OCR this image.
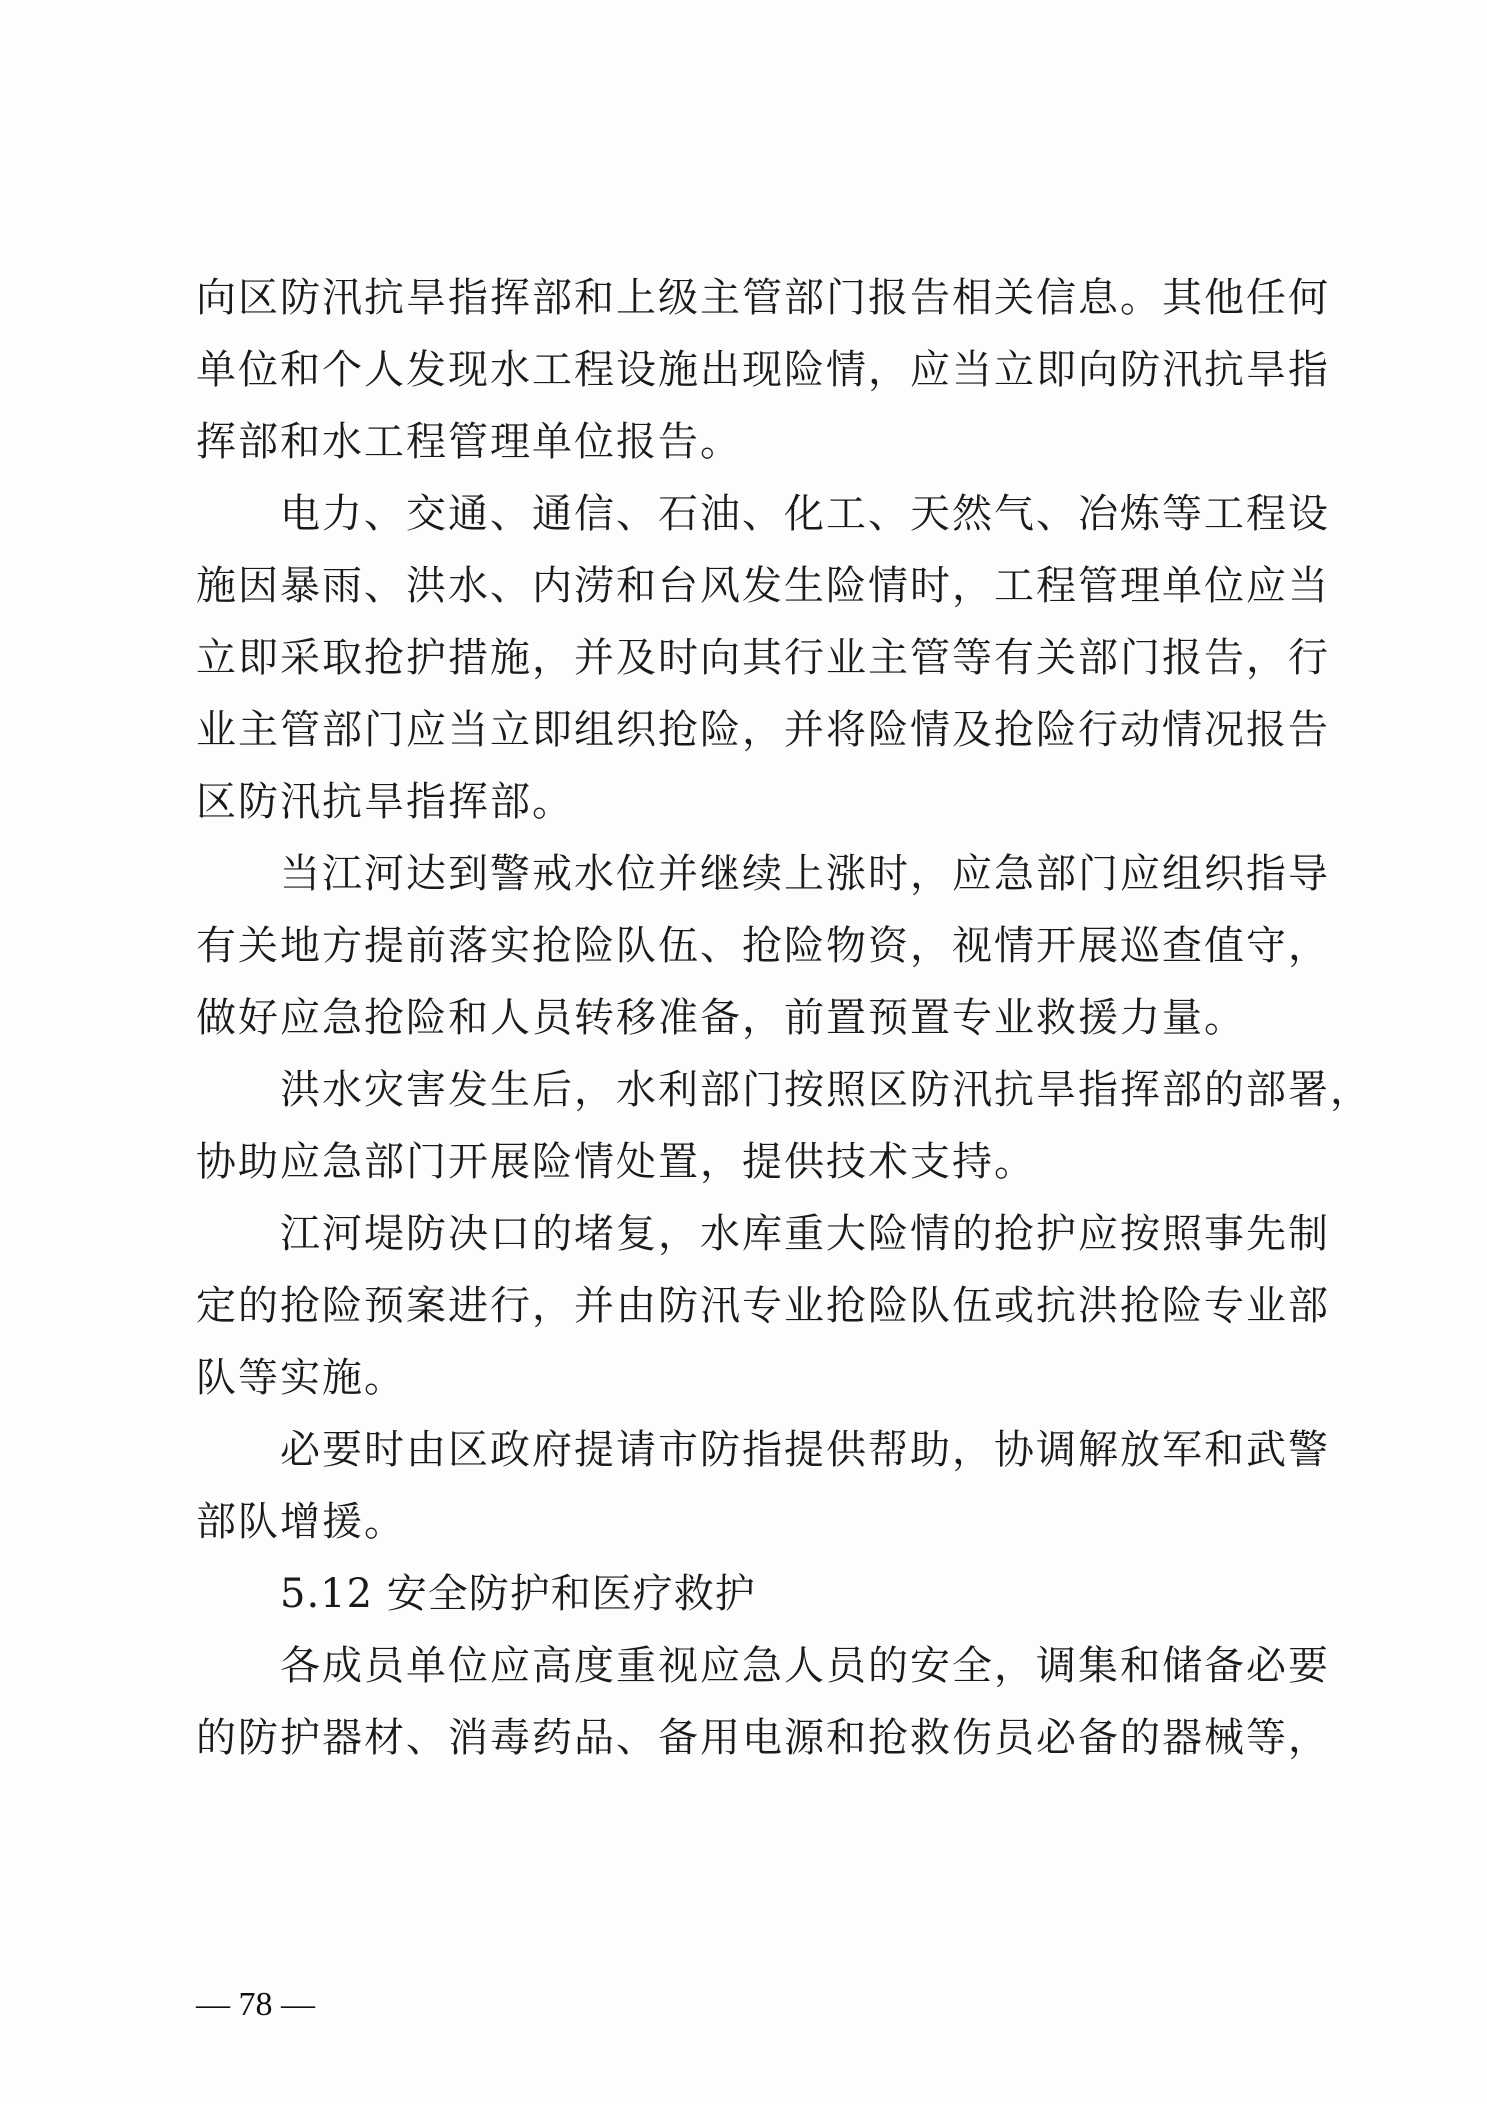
向区防汛抗旱指挥部和上级主管部门报告相关信息。其他任何
单位和个人发现水工程设施出现险情，应当立即向防汛抗旱指
挥部和水工程管理单位报告。
电力、交通、通信、石油、化工、天然气、冶炼等工程设
施因暴雨、洪水、内涝和台风发生险情时，工程管理单位应当
立即采取抢护措施，并及时向其行业主管等有关部门报告，行
业主管部门应当立即组织抢险，并将险情及抢险行动情况报告
区防汛抗旱指挥部。
当江河达到警戒水位并继续上涨时，应急部门应组织指导
有关地方提前落实抢险队伍、抢险物资，视情开展巡查值守，
做好应急抢险和人员转移准备，前置预置专业救援力量。
洪水灾害发生后，水利部门按照区防汛抗旱指挥部的部署，
协助应急部门开展险情处置，提供技术支持。
江河堤防决口的堵复，水库重大险情的抢护应按照事先制
定的抢险预案进行，并由防汛专业抢险队伍或抗洪抢险专业部
队等实施。
必要时由区政府提请市防指提供帮助，协调解放军和武警
部队增援。
5.12 安全防护和医疗救护
各成员单位应高度重视应急人员的安全，调集和储备必要
的防护器材、消毒药品、备用电源和抢救伤员必备的器械等，
— 78 —
